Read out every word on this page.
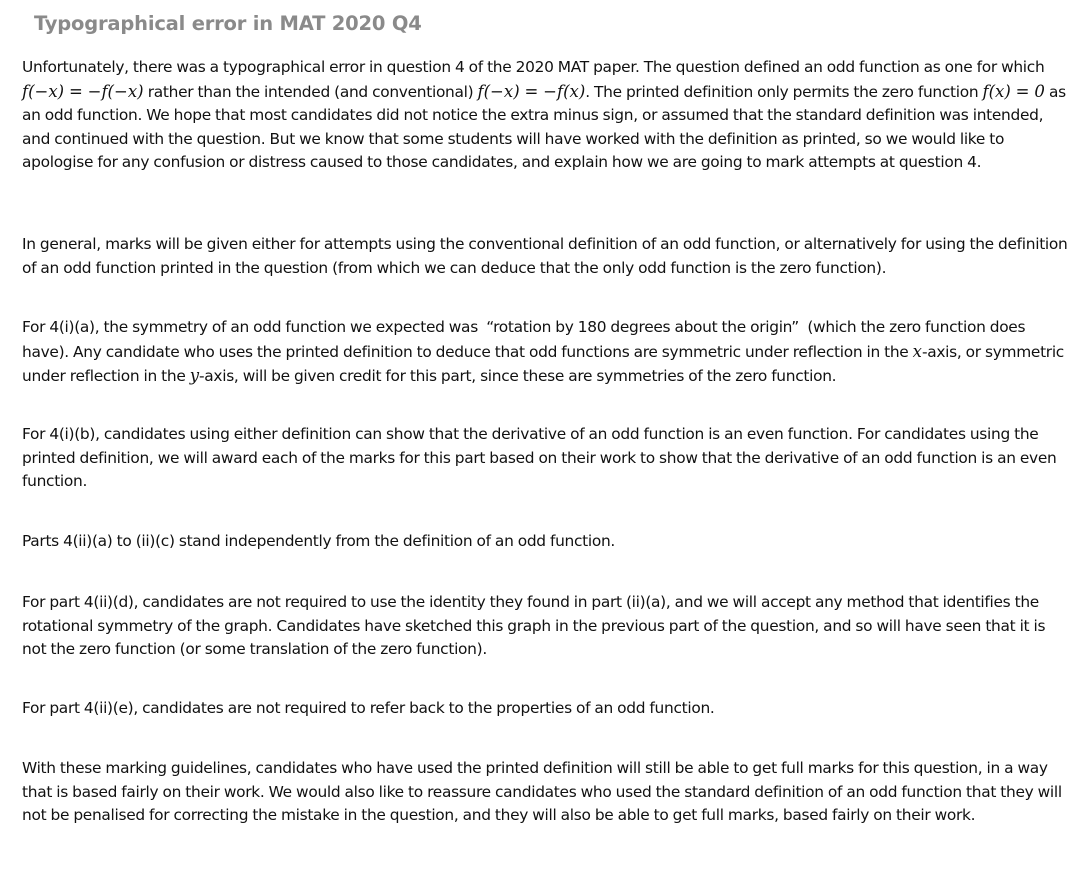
Typographical error in MAT 2020 Q4
Unfortunately, there was a typographical error in question 4 of the 2020 MAT paper. The question defined an odd function as one for which f(−x) = −f(−x) rather than the intended (and conventional) f(−x) = −f(x). The printed definition only permits the zero function f(x) = 0 as an odd function. We hope that most candidates did not notice the extra minus sign, or assumed that the standard definition was intended, and continued with the question. But we know that some students will have worked with the definition as printed, so we would like to apologise for any confusion or distress caused to those candidates, and explain how we are going to mark attempts at question 4.
In general, marks will be given either for attempts using the conventional definition of an odd function, or alternatively for using the definition of an odd function printed in the question (from which we can deduce that the only odd function is the zero function).
For 4(i)(a), the symmetry of an odd function we expected was  “rotation by 180 degrees about the origin”  (which the zero function does have). Any candidate who uses the printed definition to deduce that odd functions are symmetric under reflection in the x-axis, or symmetric under reflection in the y-axis, will be given credit for this part, since these are symmetries of the zero function.
For 4(i)(b), candidates using either definition can show that the derivative of an odd function is an even function. For candidates using the printed definition, we will award each of the marks for this part based on their work to show that the derivative of an odd function is an even function.
Parts 4(ii)(a) to (ii)(c) stand independently from the definition of an odd function.
For part 4(ii)(d), candidates are not required to use the identity they found in part (ii)(a), and we will accept any method that identifies the rotational symmetry of the graph. Candidates have sketched this graph in the previous part of the question, and so will have seen that it is not the zero function (or some translation of the zero function).
For part 4(ii)(e), candidates are not required to refer back to the properties of an odd function.
With these marking guidelines, candidates who have used the printed definition will still be able to get full marks for this question, in a way that is based fairly on their work. We would also like to reassure candidates who used the standard definition of an odd function that they will not be penalised for correcting the mistake in the question, and they will also be able to get full marks, based fairly on their work.
